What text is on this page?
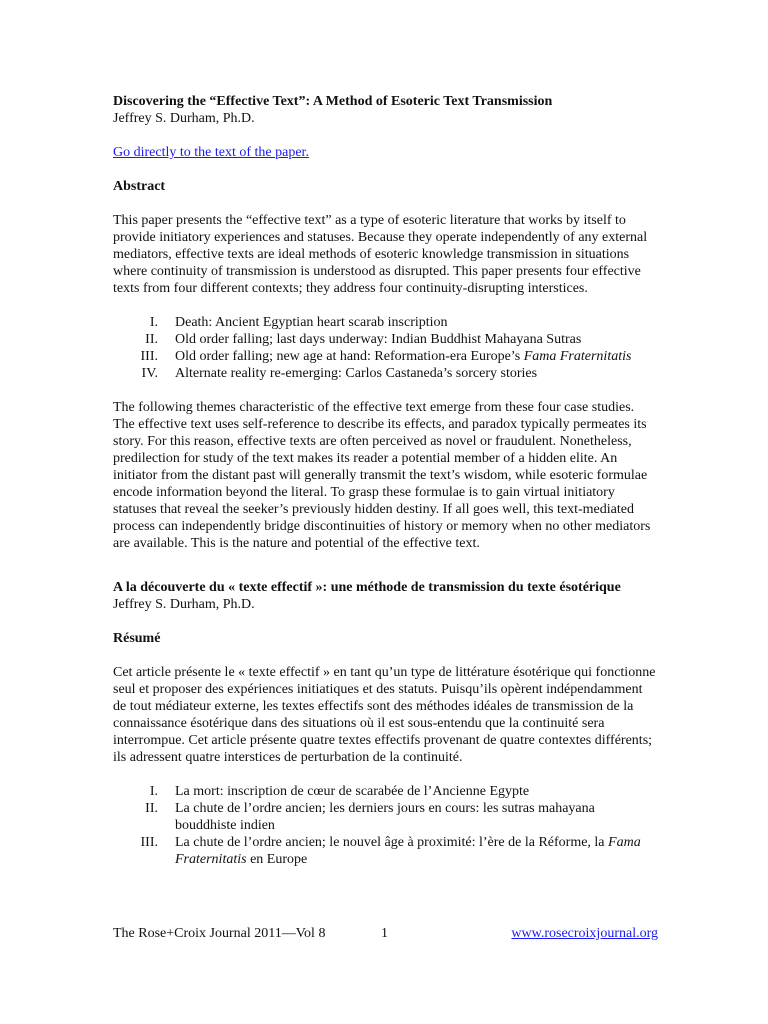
Discovering the “Effective Text”: A Method of Esoteric Text Transmission
Jeffrey S. Durham, Ph.D.
Go directly to the text of the paper.
Abstract

This paper presents the “effective text” as a type of esoteric literature that works by itself to provide initiatory experiences and statuses. Because they operate independently of any external mediators, effective texts are ideal methods of esoteric knowledge transmission in situations where continuity of transmission is understood as disrupted. This paper presents four effective texts from four different contexts; they address four continuity-disrupting interstices.

I. Death: Ancient Egyptian heart scarab inscription
II. Old order falling; last days underway: Indian Buddhist Mahayana Sutras
III. Old order falling; new age at hand: Reformation-era Europe’s Fama Fraternitatis
IV. Alternate reality re-emerging: Carlos Castaneda’s sorcery stories

The following themes characteristic of the effective text emerge from these four case studies. The effective text uses self-reference to describe its effects, and paradox typically permeates its story. For this reason, effective texts are often perceived as novel or fraudulent. Nonetheless, predilection for study of the text makes its reader a potential member of a hidden elite. An initiator from the distant past will generally transmit the text’s wisdom, while esoteric formulae encode information beyond the literal. To grasp these formulae is to gain virtual initiatory statuses that reveal the seeker’s previously hidden destiny. If all goes well, this text-mediated process can independently bridge discontinuities of history or memory when no other mediators are available. This is the nature and potential of the effective text.

A la découverte du « texte effectif »: une méthode de transmission du texte ésotérique
Jeffrey S. Durham, Ph.D.
Résumé

Cet article présente le « texte effectif » en tant qu’un type de littérature ésotérique qui fonctionne seul et proposer des expériences initiatiques et des statuts. Puisqu’ils opèrent indépendamment de tout médiateur externe, les textes effectifs sont des méthodes idéales de transmission de la connaissance ésotérique dans des situations où il est sous-entendu que la continuité sera interrompue. Cet article présente quatre textes effectifs provenant de quatre contextes différents; ils adressent quatre interstices de perturbation de la continuité.

I. La mort: inscription de cœur de scarabée de l’Ancienne Egypte
II. La chute de l’ordre ancien; les derniers jours en cours: les sutras mahayana bouddhiste indien
III. La chute de l’ordre ancien; le nouvel âge à proximité: l’ère de la Réforme, la Fama Fraternitatis en Europe
The Rose+Croix Journal 2011—Vol 8	1	www.rosecroixjournal.org
